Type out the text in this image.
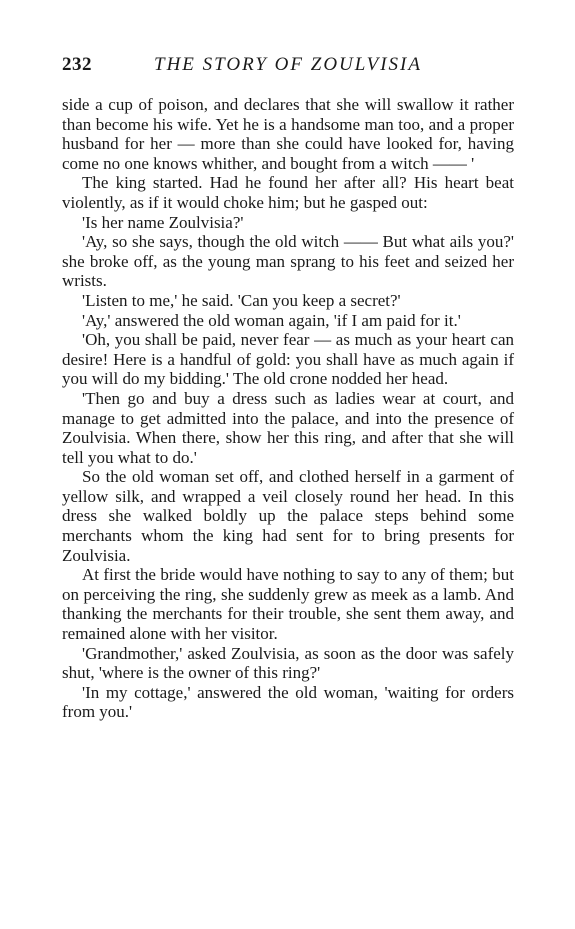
232	THE STORY OF ZOULVISIA

side a cup of poison, and declares that she will swallow it rather than become his wife. Yet he is a handsome man too, and a proper husband for her — more than she could have looked for, having come no one knows whither, and bought from a witch —— '

The king started. Had he found her after all? His heart beat violently, as if it would choke him; but he gasped out:

'Is her name Zoulvisia?'

'Ay, so she says, though the old witch —— But what ails you?' she broke off, as the young man sprang to his feet and seized her wrists.

'Listen to me,' he said. 'Can you keep a secret?'

'Ay,' answered the old woman again, 'if I am paid for it.'

'Oh, you shall be paid, never fear — as much as your heart can desire! Here is a handful of gold: you shall have as much again if you will do my bidding.' The old crone nodded her head.

'Then go and buy a dress such as ladies wear at court, and manage to get admitted into the palace, and into the presence of Zoulvisia. When there, show her this ring, and after that she will tell you what to do.'

So the old woman set off, and clothed herself in a garment of yellow silk, and wrapped a veil closely round her head. In this dress she walked boldly up the palace steps behind some merchants whom the king had sent for to bring presents for Zoulvisia.

At first the bride would have nothing to say to any of them; but on perceiving the ring, she suddenly grew as meek as a lamb. And thanking the merchants for their trouble, she sent them away, and remained alone with her visitor.

'Grandmother,' asked Zoulvisia, as soon as the door was safely shut, 'where is the owner of this ring?'

'In my cottage,' answered the old woman, 'waiting for orders from you.'
